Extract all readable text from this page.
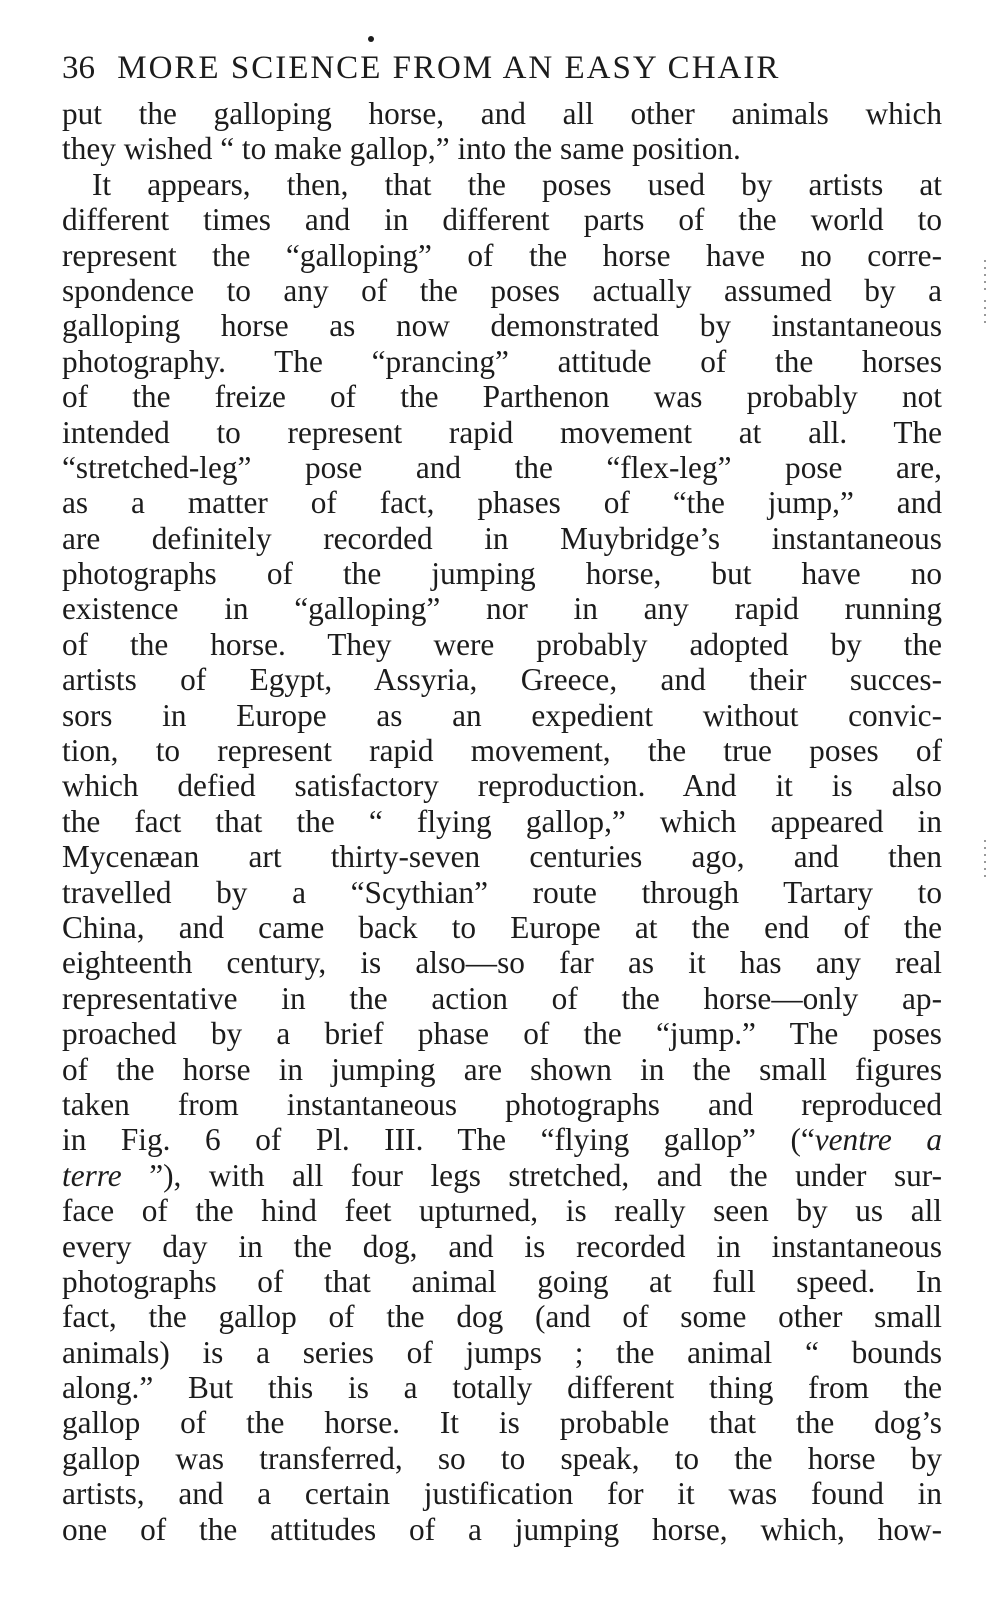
36 MORE SCIENCE FROM AN EASY CHAIR
put the galloping horse, and all other animals which
they wished “ to make gallop,” into the same position.
It appears, then, that the poses used by artists at
different times and in different parts of the world to
represent the “galloping” of the horse have no corre-
spondence to any of the poses actually assumed by a
galloping horse as now demonstrated by instantaneous
photography. The “prancing” attitude of the horses
of the freize of the Parthenon was probably not
intended to represent rapid movement at all. The
“stretched-leg” pose and the “flex-leg” pose are,
as a matter of fact, phases of “the jump,” and
are definitely recorded in Muybridge’s instantaneous
photographs of the jumping horse, but have no
existence in “galloping” nor in any rapid running
of the horse. They were probably adopted by the
artists of Egypt, Assyria, Greece, and their succes-
sors in Europe as an expedient without convic-
tion, to represent rapid movement, the true poses of
which defied satisfactory reproduction. And it is also
the fact that the “ flying gallop,” which appeared in
Mycenæan art thirty-seven centuries ago, and then
travelled by a “Scythian” route through Tartary to
China, and came back to Europe at the end of the
eighteenth century, is also—so far as it has any real
representative in the action of the horse—only ap-
proached by a brief phase of the “jump.” The poses
of the horse in jumping are shown in the small figures
taken from instantaneous photographs and reproduced
in Fig. 6 of Pl. III. The “flying gallop” (“ventre a
terre ”), with all four legs stretched, and the under sur-
face of the hind feet upturned, is really seen by us all
every day in the dog, and is recorded in instantaneous
photographs of that animal going at full speed. In
fact, the gallop of the dog (and of some other small
animals) is a series of jumps ; the animal “ bounds
along.” But this is a totally different thing from the
gallop of the horse. It is probable that the dog’s
gallop was transferred, so to speak, to the horse by
artists, and a certain justification for it was found in
one of the attitudes of a jumping horse, which, how-
